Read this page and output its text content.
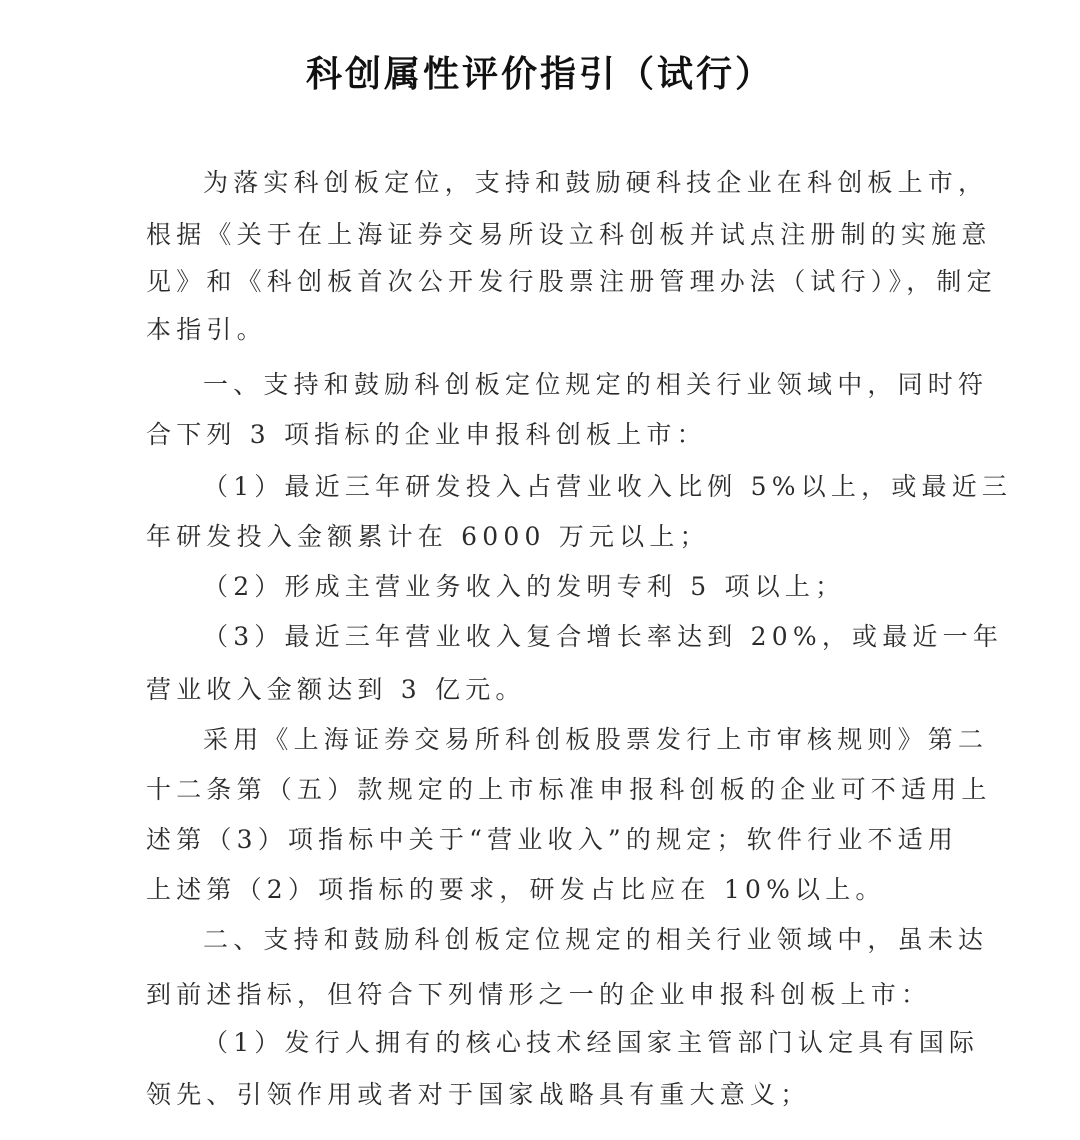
科创属性评价指引（试行）
为落实科创板定位，支持和鼓励硬科技企业在科创板上市，
根据《关于在上海证券交易所设立科创板并试点注册制的实施意
见》和《科创板首次公开发行股票注册管理办法（试行）》，制定
本指引。
一、支持和鼓励科创板定位规定的相关行业领域中，同时符
合下列 3 项指标的企业申报科创板上市：
（1）最近三年研发投入占营业收入比例 5%以上，或最近三
年研发投入金额累计在 6000 万元以上；
（2）形成主营业务收入的发明专利 5 项以上；
（3）最近三年营业收入复合增长率达到 20%，或最近一年
营业收入金额达到 3 亿元。
采用《上海证券交易所科创板股票发行上市审核规则》第二
十二条第（五）款规定的上市标准申报科创板的企业可不适用上
述第（3）项指标中关于“营业收入”的规定；软件行业不适用
上述第（2）项指标的要求，研发占比应在 10%以上。
二、支持和鼓励科创板定位规定的相关行业领域中，虽未达
到前述指标，但符合下列情形之一的企业申报科创板上市：
（1）发行人拥有的核心技术经国家主管部门认定具有国际
领先、引领作用或者对于国家战略具有重大意义；
